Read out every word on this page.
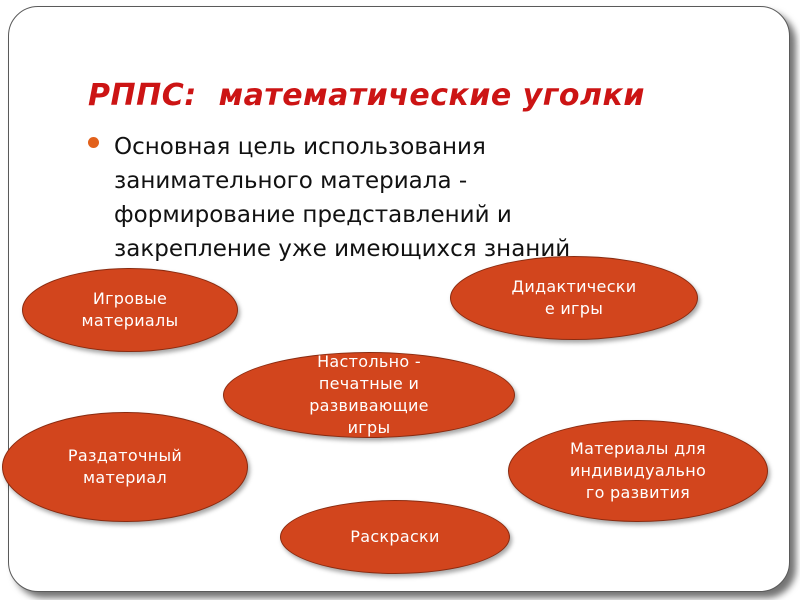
РППС:  математические уголки
Основная цель использования
занимательного материала -
формирование представлений и
закрепление уже имеющихся знаний
Игровые
материалы
Дидактически
е игры
Настольно -
печатные и
развивающие
игры
Раздаточный
материал
Материалы для
индивидуально
го развития
Раскраски
